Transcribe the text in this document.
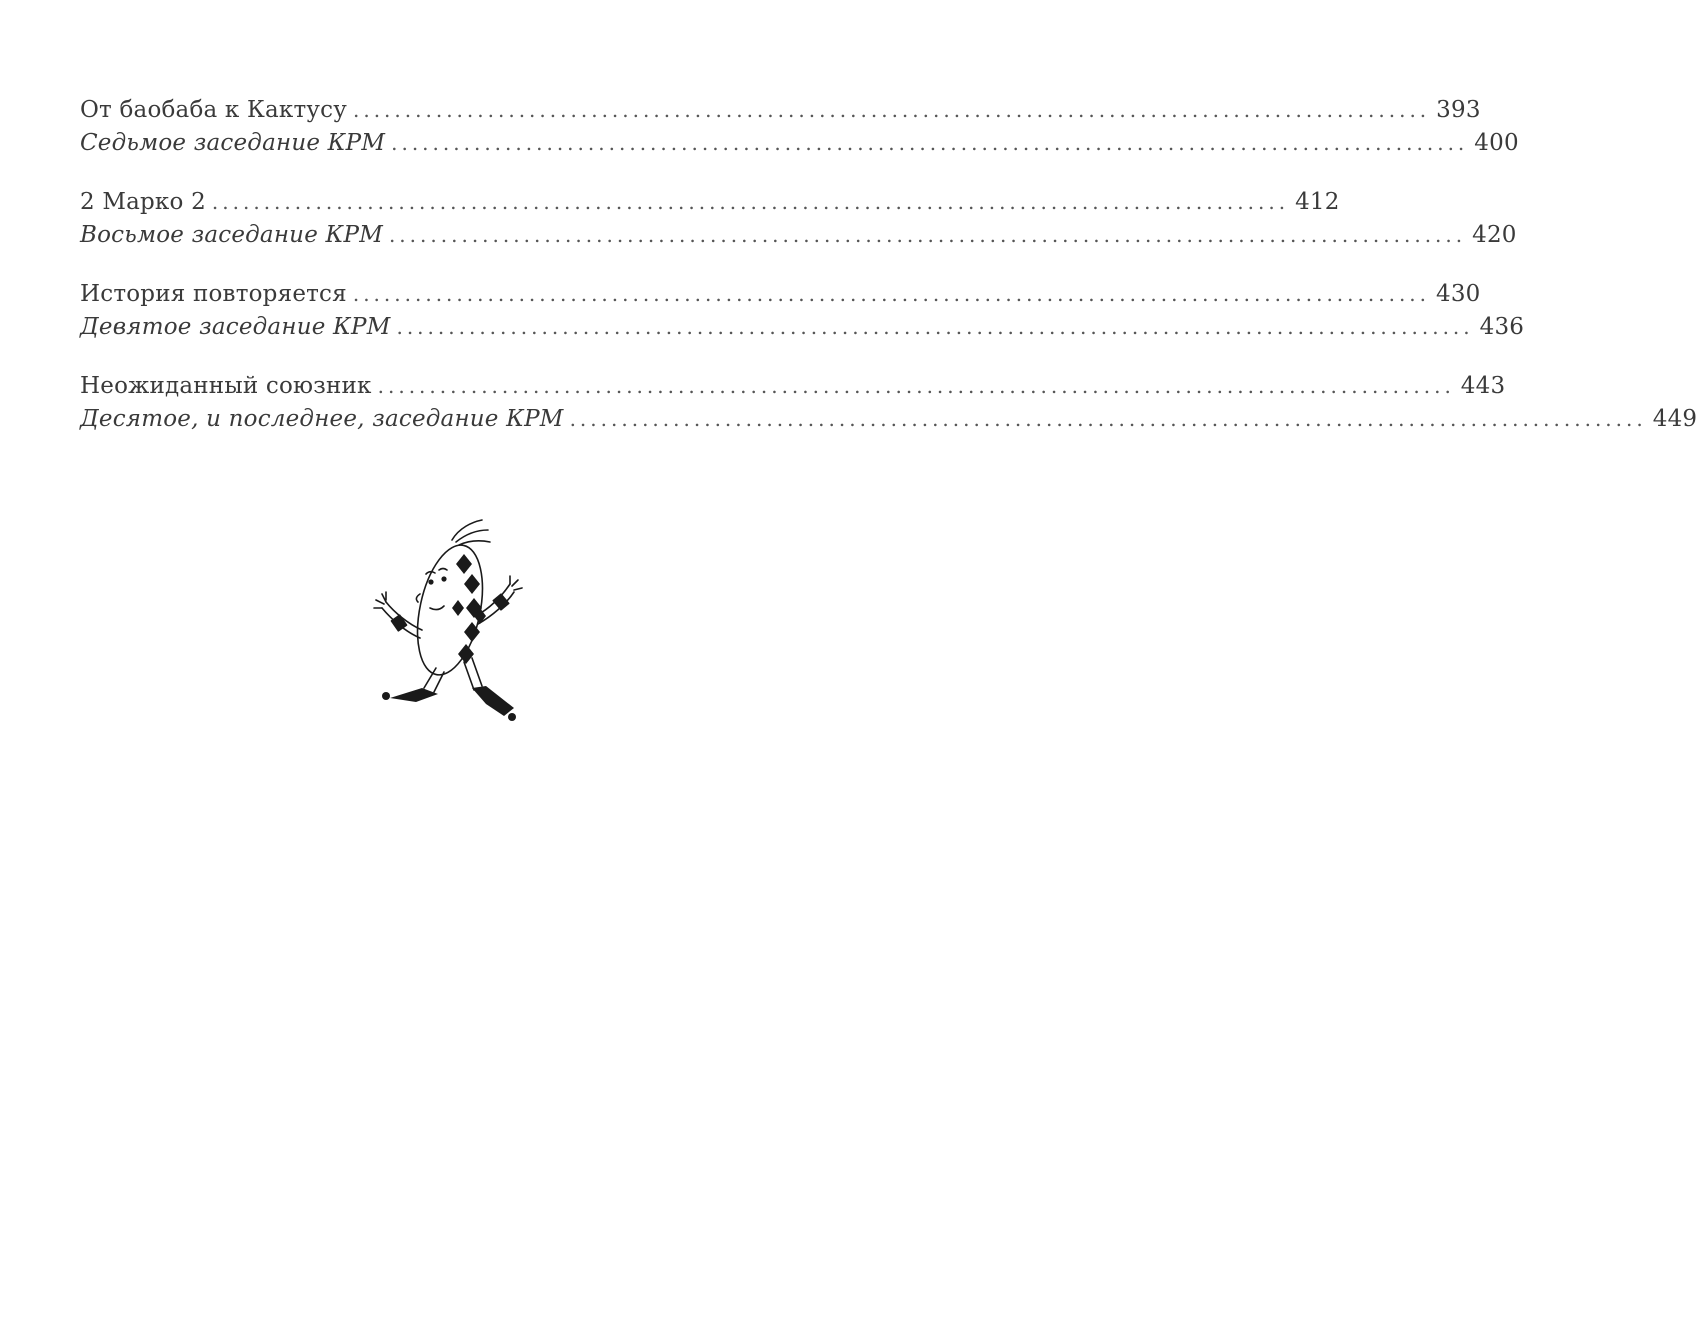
От баобаба к Кактусу ........................................................................................................ 393
Седьмое заседание КРМ ........................................................................................................ 400
2 Марко 2 ........................................................................................................ 412
Восьмое заседание КРМ ........................................................................................................ 420
История повторяется ........................................................................................................ 430
Девятое заседание КРМ ........................................................................................................ 436
Неожиданный союзник ........................................................................................................ 443
Десятое, и последнее, заседание КРМ ........................................................................................................ 449
